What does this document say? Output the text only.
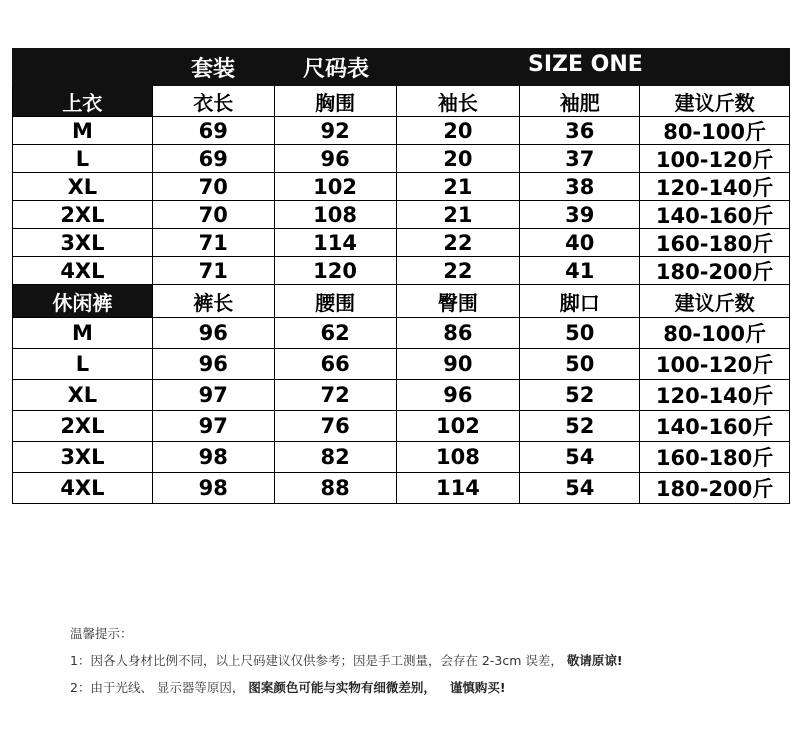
套装	尺码表	SIZE ONE
上衣	衣长	胸围	袖长	袖肥	建议斤数
M	69	92	20	36	80-100斤
L	69	96	20	37	100-120斤
XL	70	102	21	38	120-140斤
2XL	70	108	21	39	140-160斤
3XL	71	114	22	40	160-180斤
4XL	71	120	22	41	180-200斤
休闲裤	裤长	腰围	臀围	脚口	建议斤数
M	96	62	86	50	80-100斤
L	96	66	90	50	100-120斤
XL	97	72	96	52	120-140斤
2XL	97	76	102	52	140-160斤
3XL	98	82	108	54	160-180斤
4XL	98	88	114	54	180-200斤
温馨提示：
1：因各人身材比例不同，以上尺码建议仅供参考；因是手工测量，会存在 2-3cm 误差， 敬请原谅!
2：由于光线、 显示器等原因， 图案颜色可能与实物有细微差别， 谨慎购买!
